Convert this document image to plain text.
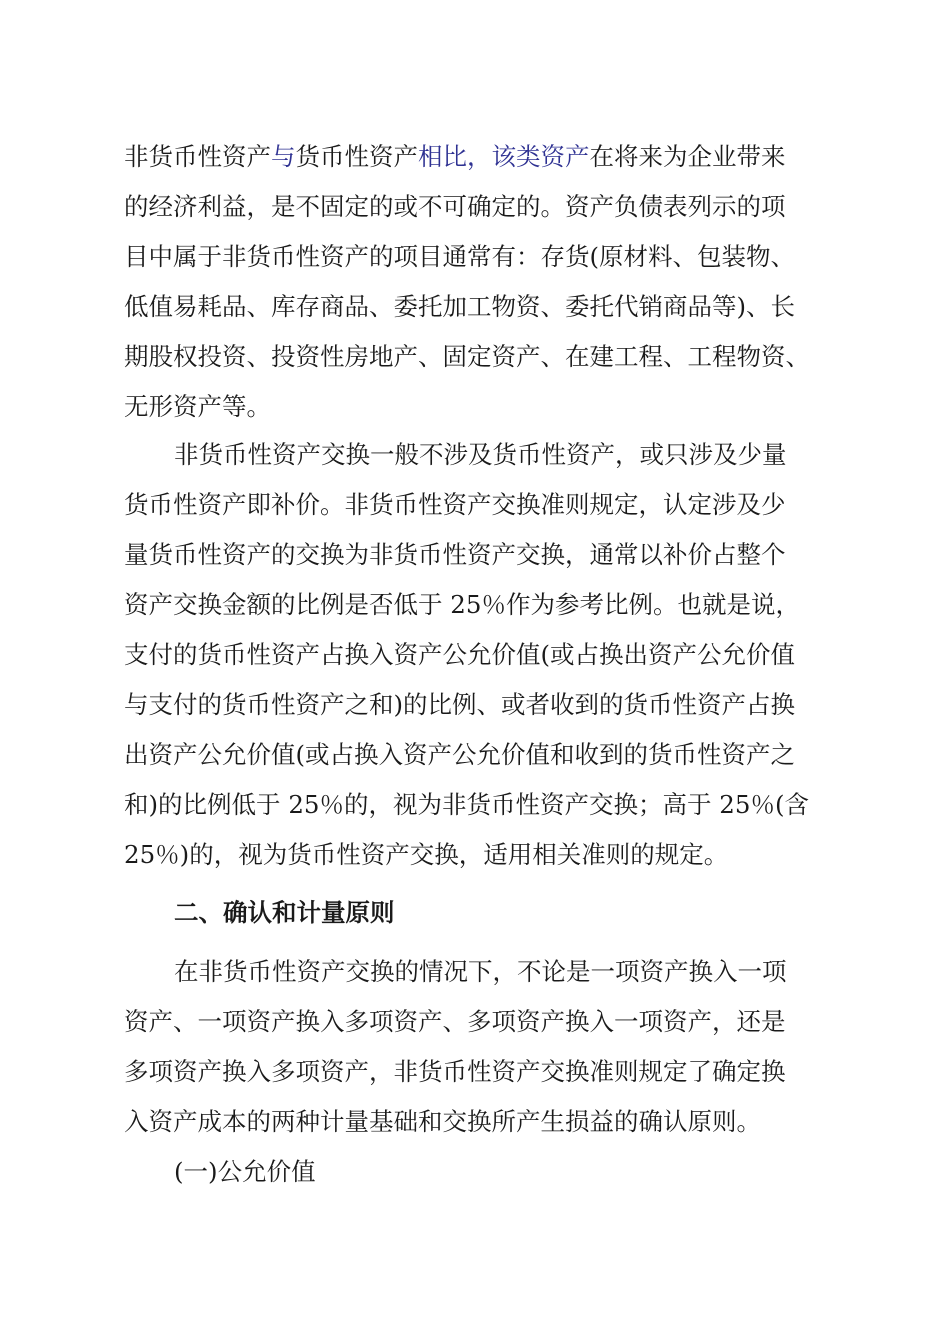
非货币性资产与货币性资产相比，该类资产在将来为企业带来
的经济利益，是不固定的或不可确定的。资产负债表列示的项
目中属于非货币性资产的项目通常有：存货(原材料、包装物、
低值易耗品、库存商品、委托加工物资、委托代销商品等)、长
期股权投资、投资性房地产、固定资产、在建工程、工程物资、
无形资产等。
非货币性资产交换一般不涉及货币性资产，或只涉及少量
货币性资产即补价。非货币性资产交换准则规定，认定涉及少
量货币性资产的交换为非货币性资产交换，通常以补价占整个
资产交换金额的比例是否低于 25％作为参考比例。也就是说，
支付的货币性资产占换入资产公允价值(或占换出资产公允价值
与支付的货币性资产之和)的比例、或者收到的货币性资产占换
出资产公允价值(或占换入资产公允价值和收到的货币性资产之
和)的比例低于 25％的，视为非货币性资产交换；高于 25％(含
25％)的，视为货币性资产交换，适用相关准则的规定。
二、确认和计量原则
在非货币性资产交换的情况下，不论是一项资产换入一项
资产、一项资产换入多项资产、多项资产换入一项资产，还是
多项资产换入多项资产，非货币性资产交换准则规定了确定换
入资产成本的两种计量基础和交换所产生损益的确认原则。
(一)公允价值
